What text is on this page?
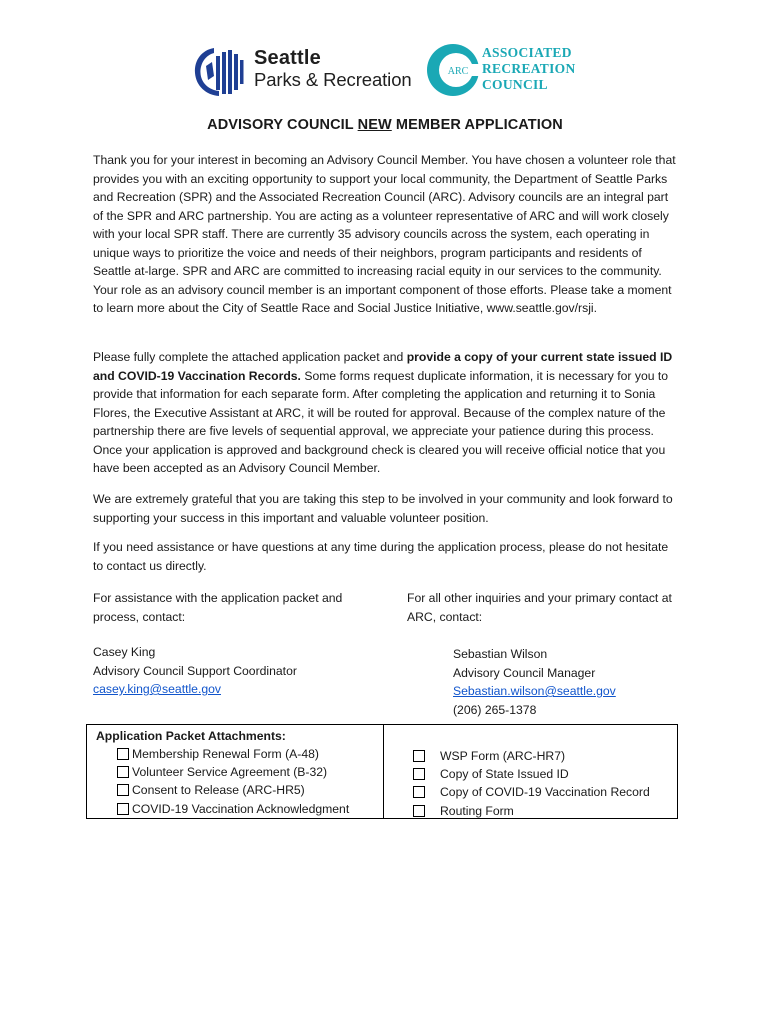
Seattle
Parks & Recreation	ARC
ASSOCIATED
RECREATION
COUNCIL
ADVISORY COUNCIL NEW MEMBER APPLICATION

Thank you for your interest in becoming an Advisory Council Member. You have chosen a volunteer role that provides you with an exciting opportunity to support your local community, the Department of Seattle Parks and Recreation (SPR) and the Associated Recreation Council (ARC). Advisory councils are an integral part of the SPR and ARC partnership. You are acting as a volunteer representative of ARC and will work closely with your local SPR staff. There are currently 35 advisory councils across the system, each operating in unique ways to prioritize the voice and needs of their neighbors, program participants and residents of Seattle at-large. SPR and ARC are committed to increasing racial equity in our services to the community. Your role as an advisory council member is an important component of those efforts. Please take a moment to learn more about the City of Seattle Race and Social Justice Initiative, www.seattle.gov/rsji.

Please fully complete the attached application packet and provide a copy of your current state issued ID and COVID-19 Vaccination Records. Some forms request duplicate information, it is necessary for you to provide that information for each separate form. After completing the application and returning it to Sonia Flores, the Executive Assistant at ARC, it will be routed for approval. Because of the complex nature of the partnership there are five levels of sequential approval, we appreciate your patience during this process. Once your application is approved and background check is cleared you will receive official notice that you have been accepted as an Advisory Council Member.

We are extremely grateful that you are taking this step to be involved in your community and look forward to supporting your success in this important and valuable volunteer position.

If you need assistance or have questions at any time during the application process, please do not hesitate to contact us directly.

For assistance with the application packet and process, contact:
For all other inquiries and your primary contact at ARC, contact:
Casey King
Advisory Council Support Coordinator
casey.king@seattle.gov
Sebastian Wilson
Advisory Council Manager
Sebastian.wilson@seattle.gov
(206) 265-1378
Application Packet Attachments:
Membership Renewal Form (A-48)
Volunteer Service Agreement (B-32)
Consent to Release (ARC-HR5)
COVID-19 Vaccination Acknowledgment
WSP Form (ARC-HR7)
Copy of State Issued ID
Copy of COVID-19 Vaccination Record
Routing Form
